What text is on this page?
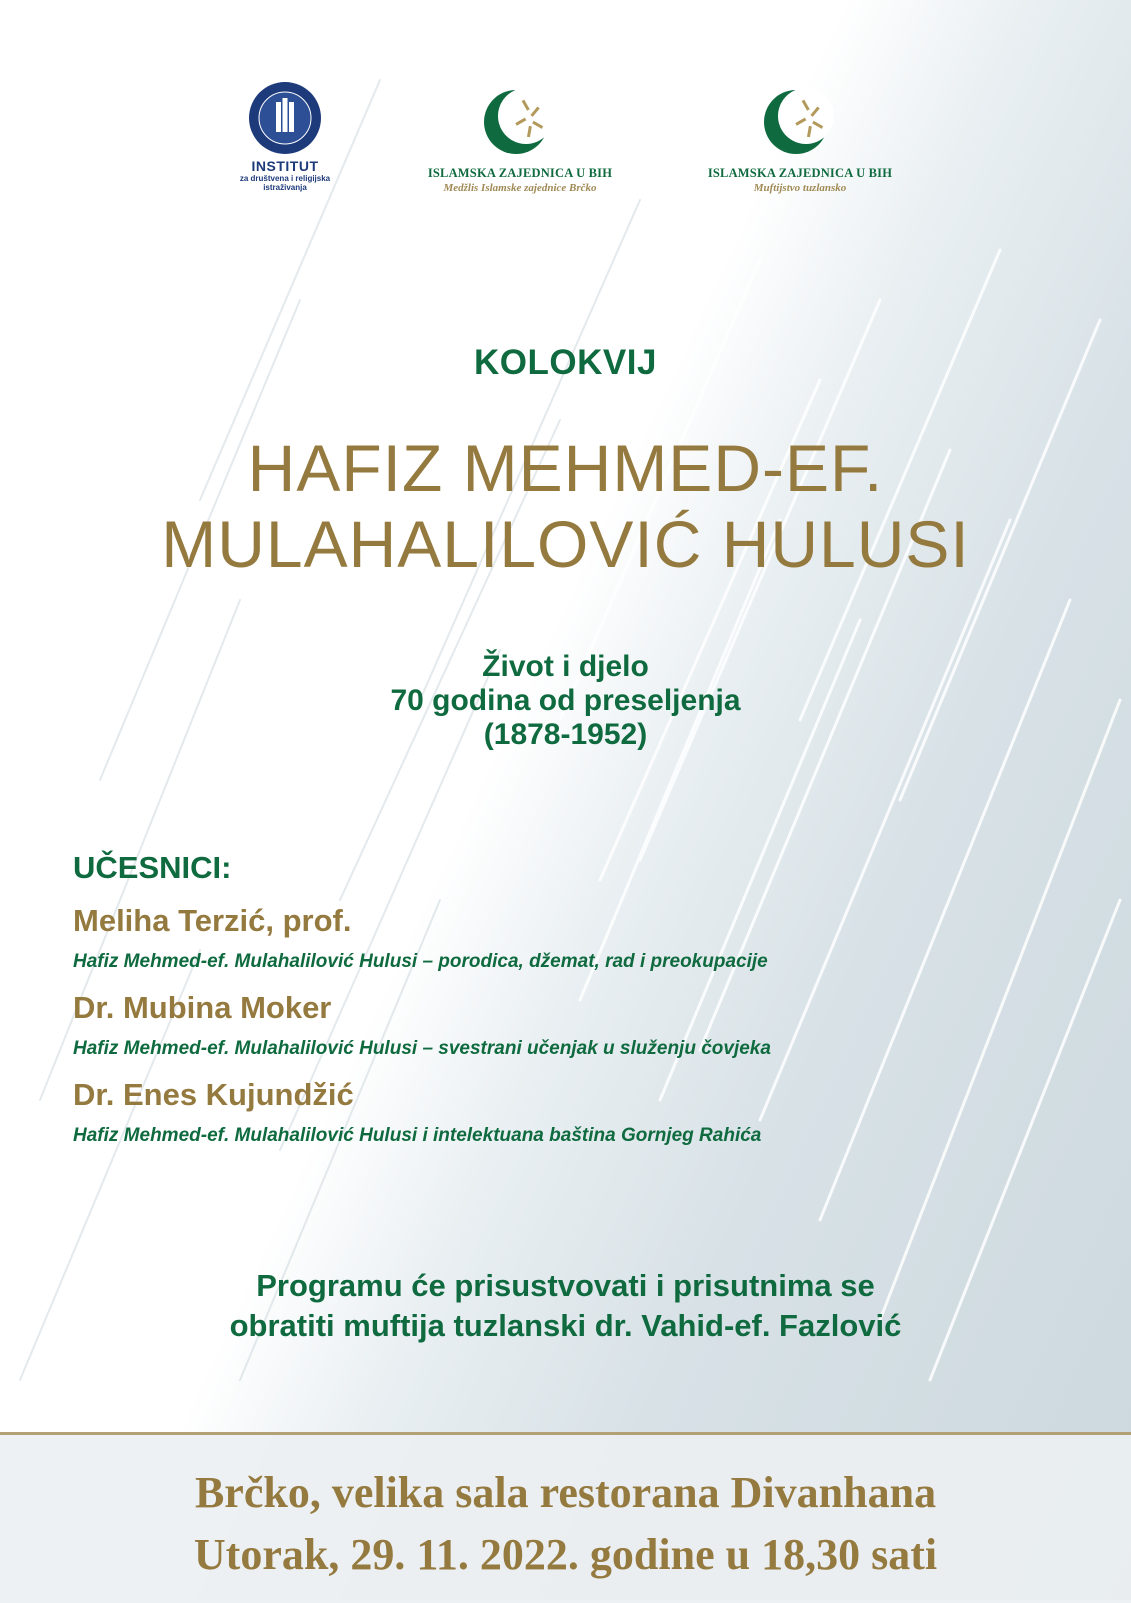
INSTITUT
za društvena i religijska
istraživanja
ISLAMSKA ZAJEDNICA U BIH
Medžlis Islamske zajednice Brčko
ISLAMSKA ZAJEDNICA U BIH
Muftijstvo tuzlansko
KOLOKVIJ
HAFIZ MEHMED-EF.
MULAHALILOVIĆ HULUSI
Život i djelo
70 godina od preseljenja
(1878-1952)
UČESNICI:
Meliha Terzić, prof.
Hafiz Mehmed-ef. Mulahalilović Hulusi – porodica, džemat, rad i preokupacije
Dr. Mubina Moker
Hafiz Mehmed-ef. Mulahalilović Hulusi – svestrani učenjak u služenju čovjeka
Dr. Enes Kujundžić
Hafiz Mehmed-ef. Mulahalilović Hulusi i intelektuana baština Gornjeg Rahića
Programu će prisustvovati i prisutnima se
obratiti muftija tuzlanski dr. Vahid-ef. Fazlović
Brčko, velika sala restorana Divanhana
Utorak, 29. 11. 2022. godine u 18,30 sati
